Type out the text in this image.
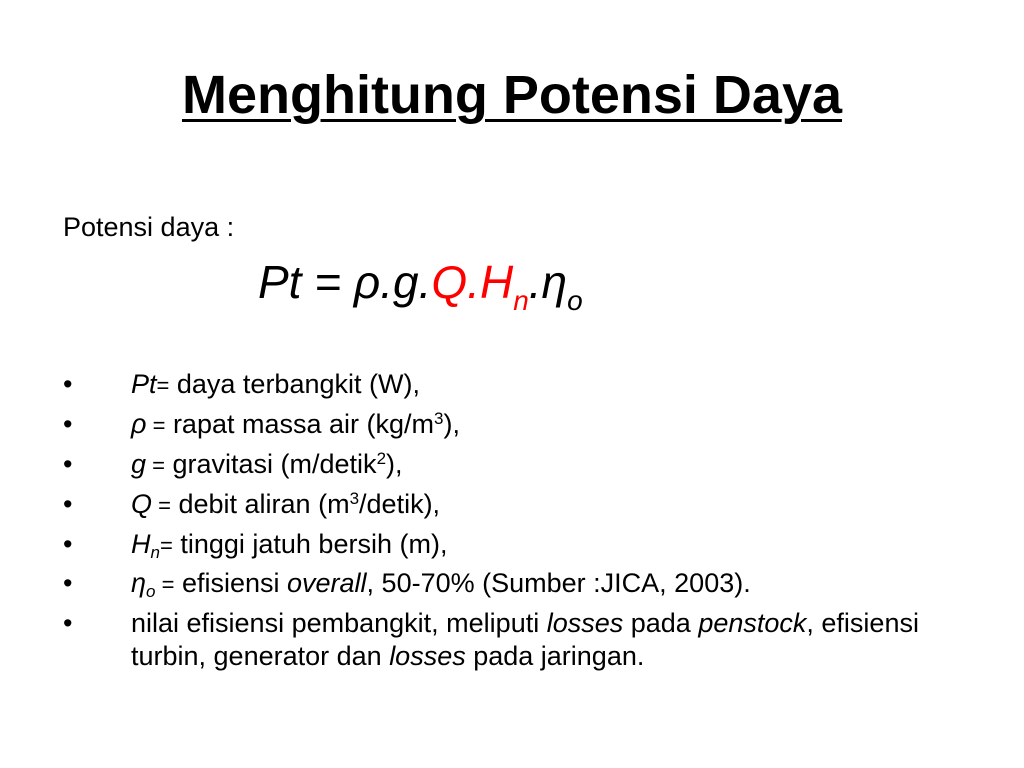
Menghitung Potensi Daya
Potensi daya :
$Pt = \rho.g.Q.H_n.\eta_o$
• Pt= daya terbangkit (W),
• ρ = rapat massa air $(kg/m^3)$,
• g = gravitasi (m/detik$^2$),
• Q = debit aliran $(m^3/detik)$,
• $H_n=$ tinggi jatuh bersih (m),
• $\eta_o$ = efisiensi overall, 50-70% (Sumber :JICA, 2003).
• nilai efisiensi pembangkit, meliputi losses pada penstock, efisiensi turbin, generator dan losses pada jaringan.
